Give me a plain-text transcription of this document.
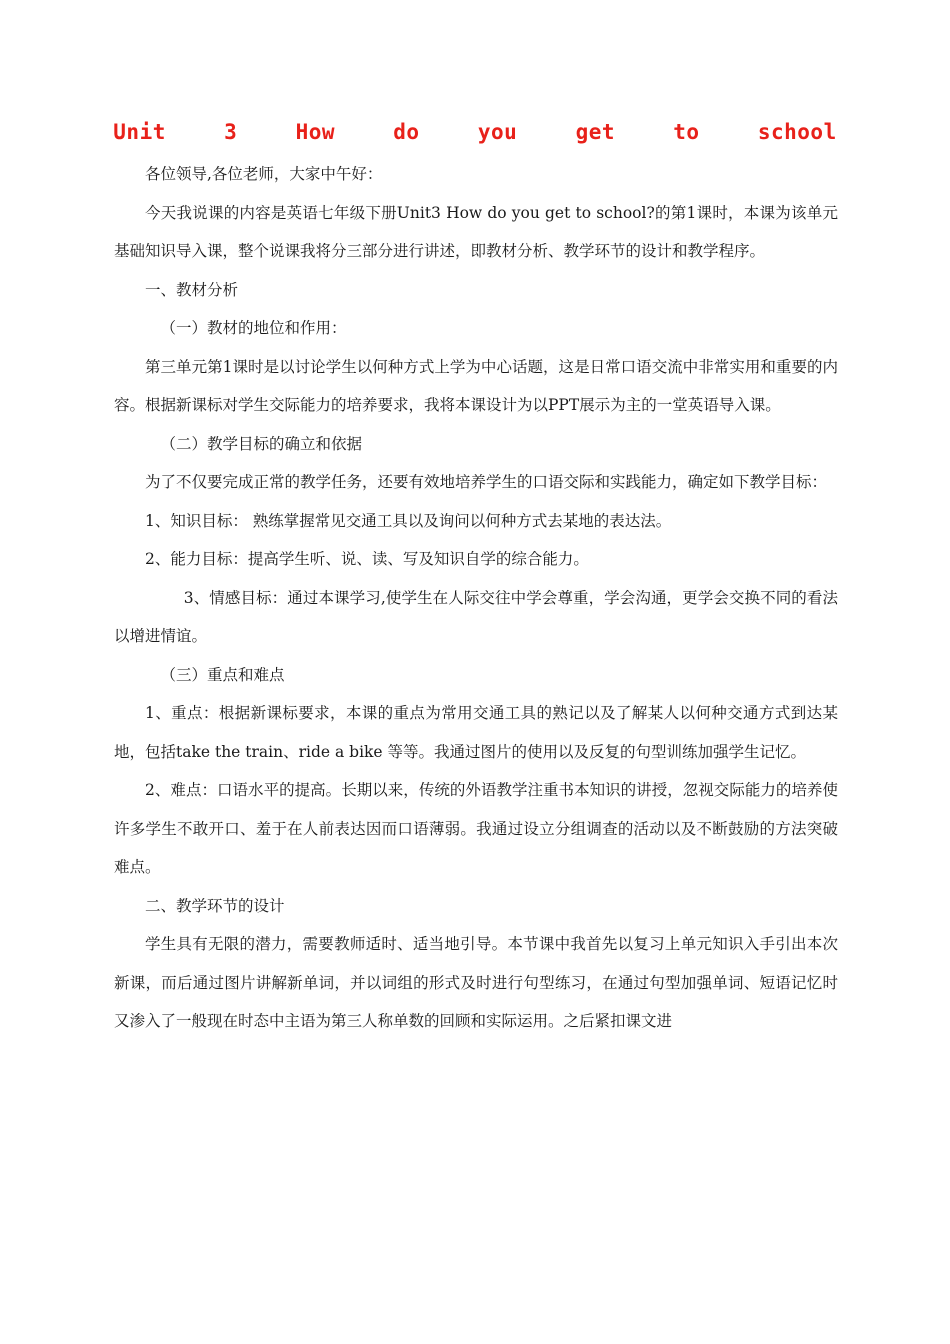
Unit  3  How  do  you  get  to  school

各位领导,各位老师，大家中午好：

今天我说课的内容是英语七年级下册Unit3 How do you get to school?的第1课时，本课为该单元基础知识导入课，整个说课我将分三部分进行讲述，即教材分析、教学环节的设计和教学程序。

一、教材分析

（一）教材的地位和作用：

第三单元第1课时是以讨论学生以何种方式上学为中心话题，这是日常口语交流中非常实用和重要的内容。根据新课标对学生交际能力的培养要求，我将本课设计为以PPT展示为主的一堂英语导入课。

（二）教学目标的确立和依据

为了不仅要完成正常的教学任务，还要有效地培养学生的口语交际和实践能力，确定如下教学目标：

1、知识目标： 熟练掌握常见交通工具以及询问以何种方式去某地的表达法。

2、能力目标：提高学生听、说、读、写及知识自学的综合能力。

3、情感目标：通过本课学习,使学生在人际交往中学会尊重，学会沟通，更学会交换不同的看法以增进情谊。

（三）重点和难点

1、重点：根据新课标要求，本课的重点为常用交通工具的熟记以及了解某人以何种交通方式到达某地，包括take the train、ride a bike 等等。我通过图片的使用以及反复的句型训练加强学生记忆。

2、难点：口语水平的提高。长期以来，传统的外语教学注重书本知识的讲授，忽视交际能力的培养使许多学生不敢开口、羞于在人前表达因而口语薄弱。我通过设立分组调查的活动以及不断鼓励的方法突破难点。

二、教学环节的设计

学生具有无限的潜力，需要教师适时、适当地引导。本节课中我首先以复习上单元知识入手引出本次新课，而后通过图片讲解新单词，并以词组的形式及时进行句型练习，在通过句型加强单词、短语记忆时又渗入了一般现在时态中主语为第三人称单数的回顾和实际运用。之后紧扣课文进
